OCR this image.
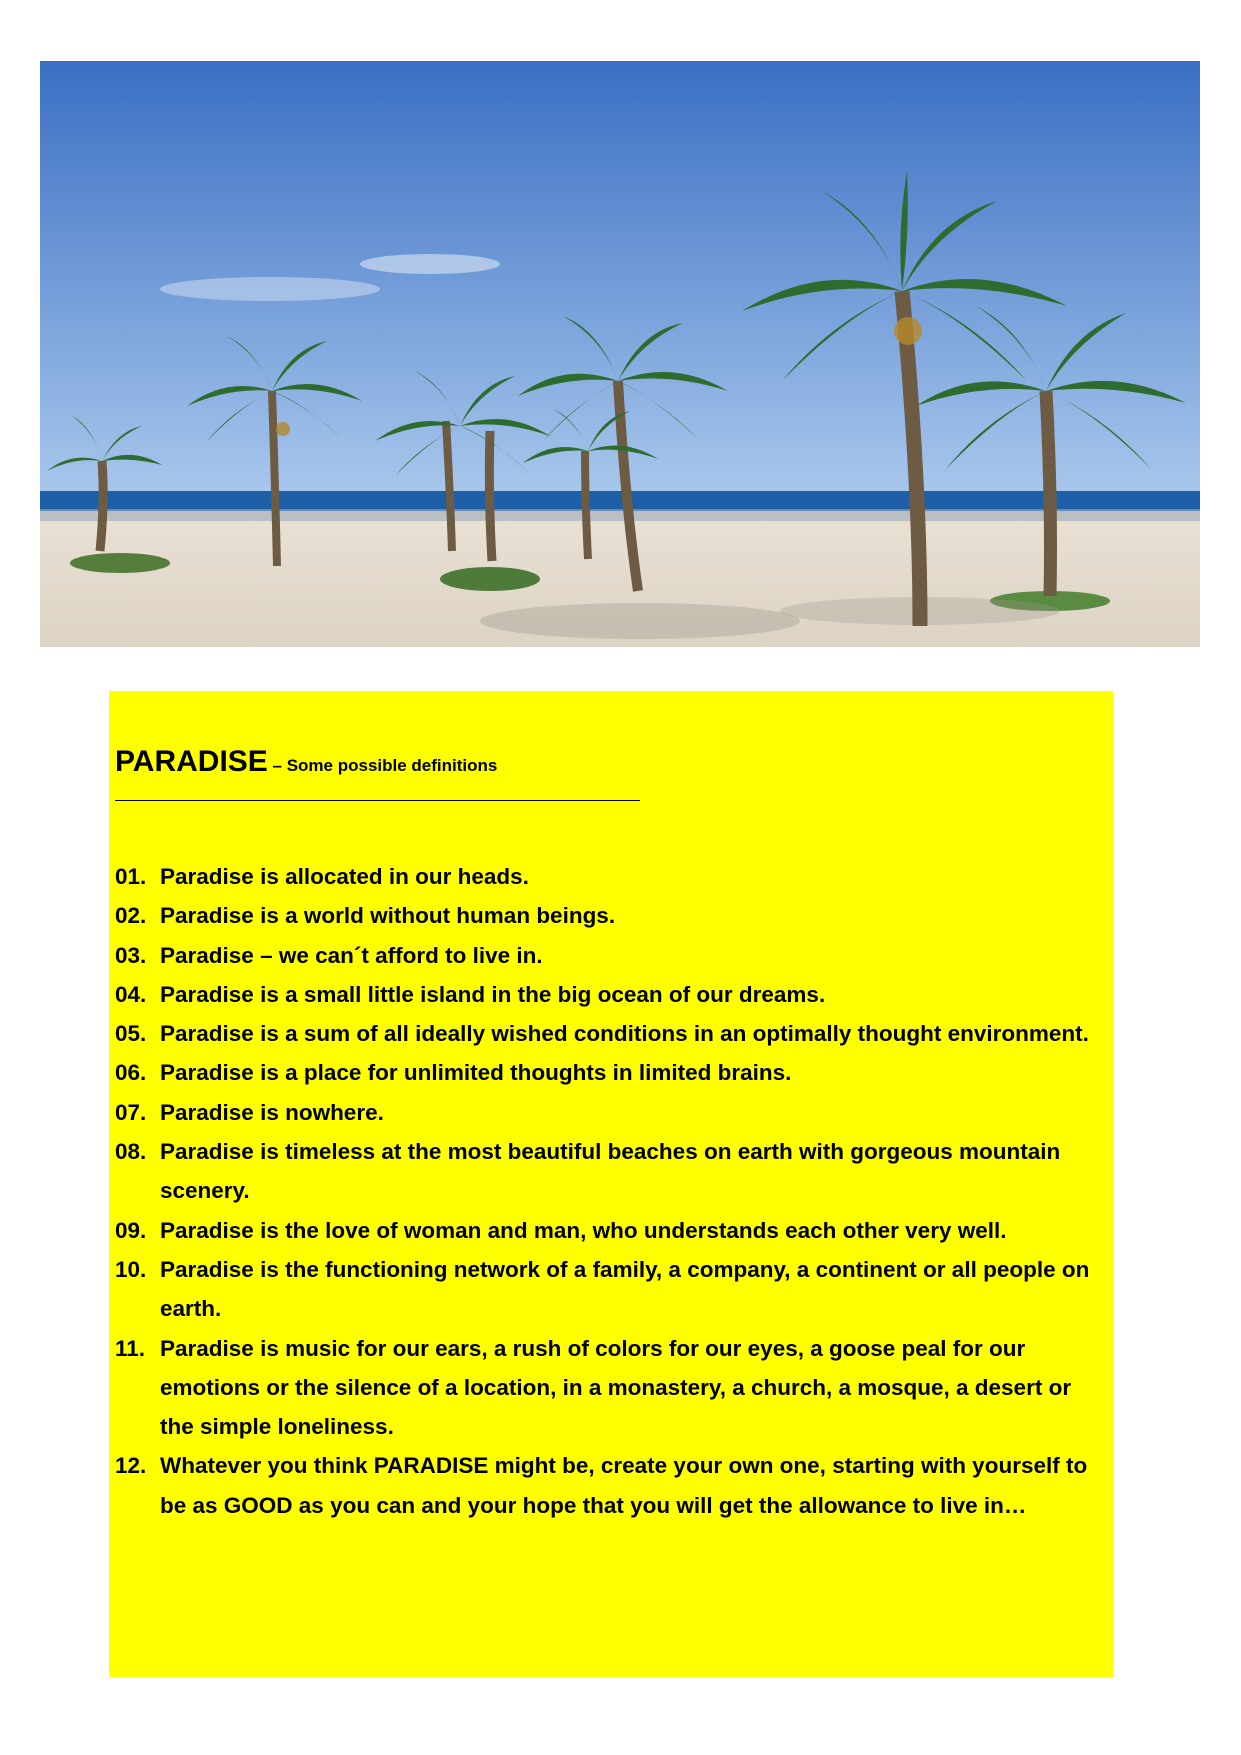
PARADISE – Some possible definitions

01. Paradise is allocated in our heads.
02. Paradise is a world without human beings.
03. Paradise – we can´t afford to live in.
04. Paradise is a small little island in the big ocean of our dreams.
05. Paradise is a sum of all ideally wished conditions in an optimally thought environment.
06. Paradise is a place for unlimited thoughts in limited brains.
07. Paradise is nowhere.
08. Paradise is timeless at the most beautiful beaches on earth with gorgeous mountain scenery.
09. Paradise is the love of woman and man, who understands each other very well.
10. Paradise is the functioning network of a family, a company, a continent or all people on earth.
11. Paradise is music for our ears, a rush of colors for our eyes, a goose peal for our emotions or the silence of a location, in a monastery, a church, a mosque, a desert or the simple loneliness.
12. Whatever you think PARADISE might be, create your own one, starting with yourself to be as GOOD as you can and your hope that you will get the allowance to live in…
